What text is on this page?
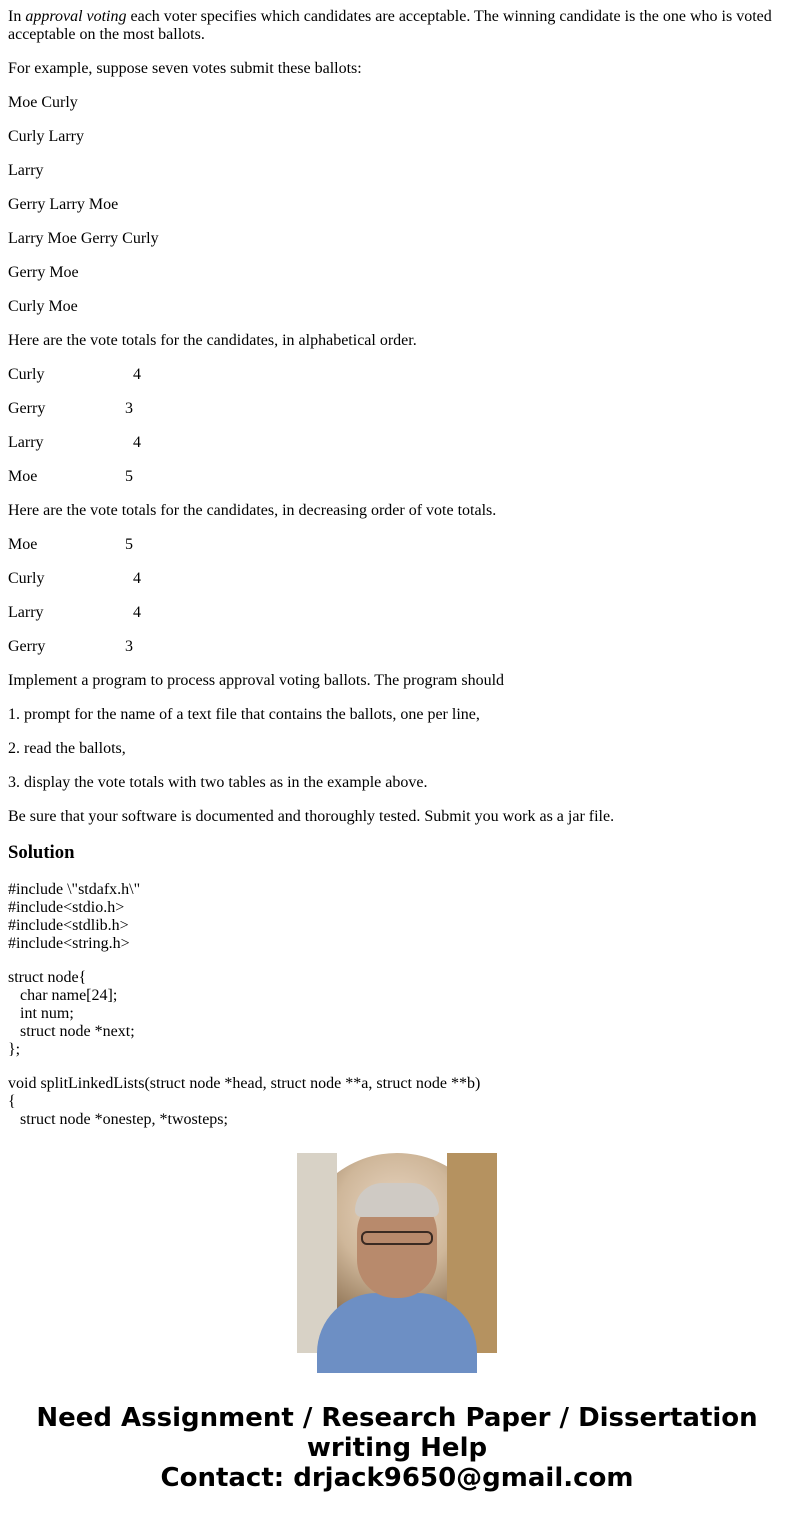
In approval voting each voter specifies which candidates are acceptable. The winning candidate is the one who is voted acceptable on the most ballots.

For example, suppose seven votes submit these ballots:

Moe Curly

Curly Larry

Larry

Gerry Larry Moe

Larry Moe Gerry Curly

Gerry Moe

Curly Moe

Here are the vote totals for the candidates, in alphabetical order.

Curly	4
Gerry	3
Larry	4
Moe	5

Here are the vote totals for the candidates, in decreasing order of vote totals.

Moe	5
Curly	4
Larry	4
Gerry	3

Implement a program to process approval voting ballots. The program should

1. prompt for the name of a text file that contains the ballots, one per line,

2. read the ballots,

3. display the vote totals with two tables as in the example above.

Be sure that your software is documented and thoroughly tested. Submit you work as a jar file.

Solution

#include \"stdafx.h\"
#include<stdio.h>
#include<stdlib.h>
#include<string.h>

struct node{
char name[24];
int num;
struct node *next;
};

void splitLinkedLists(struct node *head, struct node **a, struct node **b)
{
struct node *onestep, *twosteps;

Need Assignment / Research Paper / Dissertation
writing Help
Contact: drjack9650@gmail.com
